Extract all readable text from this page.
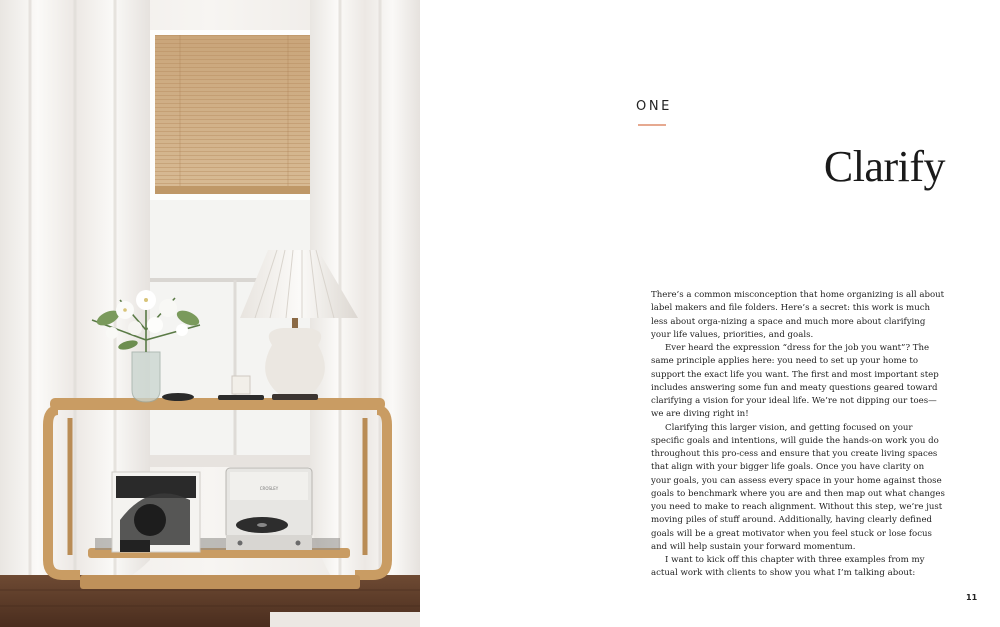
CROSLEY
ONE
Clarify

There’s a common misconception that home organizing is all about label makers and file folders. Here’s a secret: this work is much less about orga-nizing a space and much more about clarifying your life values, priorities, and goals.

Ever heard the expression “dress for the job you want”? The same principle applies here: you need to set up your home to support the exact life you want. The first and most important step includes answering some fun and meaty questions geared toward clarifying a vision for your ideal life. We’re not dipping our toes—we are diving right in!

Clarifying this larger vision, and getting focused on your specific goals and intentions, will guide the hands-on work you do throughout this pro-cess and ensure that you create living spaces that align with your bigger life goals. Once you have clarity on your goals, you can assess every space in your home against those goals to benchmark where you are and then map out what changes you need to make to reach alignment. Without this step, we’re just moving piles of stuff around. Additionally, having clearly defined goals will be a great motivator when you feel stuck or lose focus and will help sustain your forward momentum.

I want to kick off this chapter with three examples from my actual work with clients to show you what I’m talking about:

11
